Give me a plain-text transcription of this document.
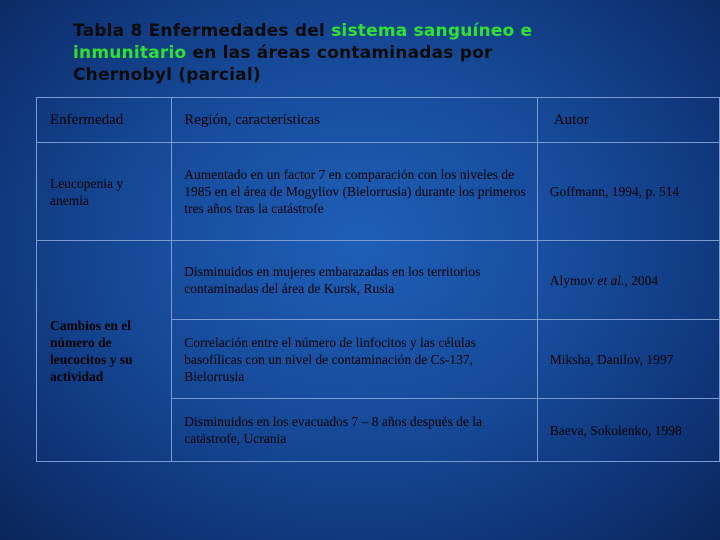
Tabla 8 Enfermedades del sistema sanguíneo e
inmunitario en las áreas contaminadas por
Chernobyl (parcial)
Enfermedad	Región, características	Autor
Leucopenia y anemia	Aumentado en un factor 7 en comparación con los niveles de 1985 en el área de Mogyliov (Bielorrusia) durante los primeros tres años tras la catástrofe	Goffmann, 1994, p. 514
Cambios en el número de leucocitos y su actividad	Disminuidos en mujeres embarazadas en los territorios contaminadas del área de Kursk, Rusia	Alymov et al., 2004
	Correlación entre el número de linfocitos y las células basofílicas con un nivel de contaminación de Cs-137, Bielorrusia	Miksha, Danilov, 1997
	Disminuidos en los evacuados 7 – 8 años después de la catástrofe, Ucrania	Baeva, Sokolenko, 1998
